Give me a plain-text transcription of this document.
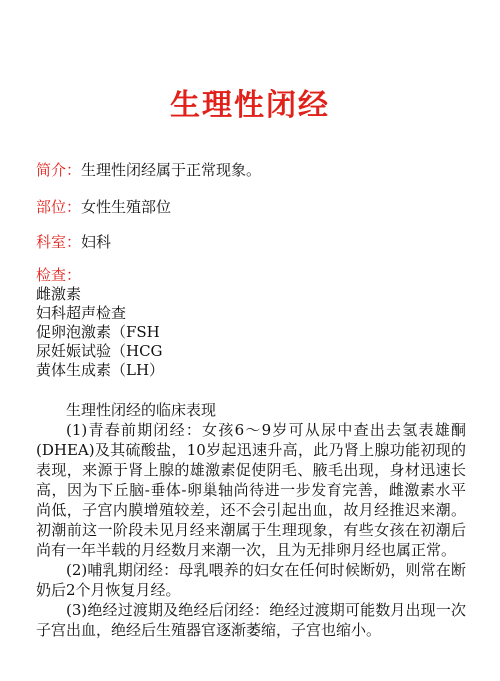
生理性闭经
简介：生理性闭经属于正常现象。
部位：女性生殖部位
科室：妇科
检查：
雌激素
妇科超声检查
促卵泡激素（FSH
尿妊娠试验（HCG
黄体生成素（LH）

生理性闭经的临床表现

(1)青春前期闭经：女孩6～9岁可从尿中查出去氢表雄酮(DHEA)及其硫酸盐，10岁起迅速升高，此乃肾上腺功能初现的表现，来源于肾上腺的雄激素促使阴毛、腋毛出现，身材迅速长高，因为下丘脑-垂体-卵巢轴尚待进一步发育完善，雌激素水平尚低，子宫内膜增殖较差，还不会引起出血，故月经推迟来潮。初潮前这一阶段未见月经来潮属于生理现象，有些女孩在初潮后尚有一年半载的月经数月来潮一次，且为无排卵月经也属正常。

(2)哺乳期闭经：母乳喂养的妇女在任何时候断奶，则常在断奶后2个月恢复月经。

(3)绝经过渡期及绝经后闭经：绝经过渡期可能数月出现一次子宫出血，绝经后生殖器官逐渐萎缩，子宫也缩小。
